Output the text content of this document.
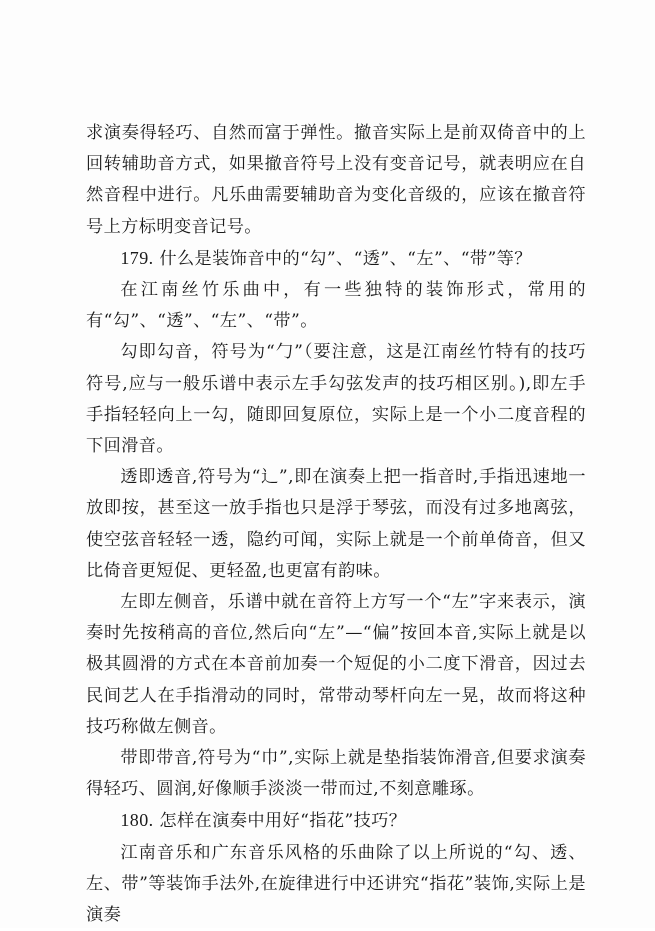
求演奏得轻巧、自然而富于弹性。撤音实际上是前双倚音中的上回转辅助音方式，如果撤音符号上没有变音记号，就表明应在自然音程中进行。凡乐曲需要辅助音为变化音级的，应该在撤音符号上方标明变音记号。

179. 什么是装饰音中的“勾”、“透”、“左”、“带”等？

在江南丝竹乐曲中，有一些独特的装饰形式，常用的有“勾”、“透”、“左”、“带”。

勾即勾音，符号为“勹”（要注意，这是江南丝竹特有的技巧符号,应与一般乐谱中表示左手勾弦发声的技巧相区别。),即左手手指轻轻向上一勾，随即回复原位，实际上是一个小二度音程的下回滑音。

透即透音,符号为“辶”,即在演奏上把一指音时,手指迅速地一放即按，甚至这一放手指也只是浮于琴弦，而没有过多地离弦，使空弦音轻轻一透，隐约可闻，实际上就是一个前单倚音，但又比倚音更短促、更轻盈,也更富有韵味。

左即左侧音，乐谱中就在音符上方写一个“左”字来表示，演奏时先按稍高的音位,然后向“左”—“偏”按回本音,实际上就是以极其圆滑的方式在本音前加奏一个短促的小二度下滑音，因过去民间艺人在手指滑动的同时，常带动琴杆向左一晃，故而将这种技巧称做左侧音。

带即带音,符号为“巾”,实际上就是垫指装饰滑音,但要求演奏得轻巧、圆润,好像顺手淡淡一带而过,不刻意雕琢。

180. 怎样在演奏中用好“指花”技巧？

江南音乐和广东音乐风格的乐曲除了以上所说的“勾、透、左、带”等装饰手法外,在旋律进行中还讲究“指花”装饰,实际上是演奏
